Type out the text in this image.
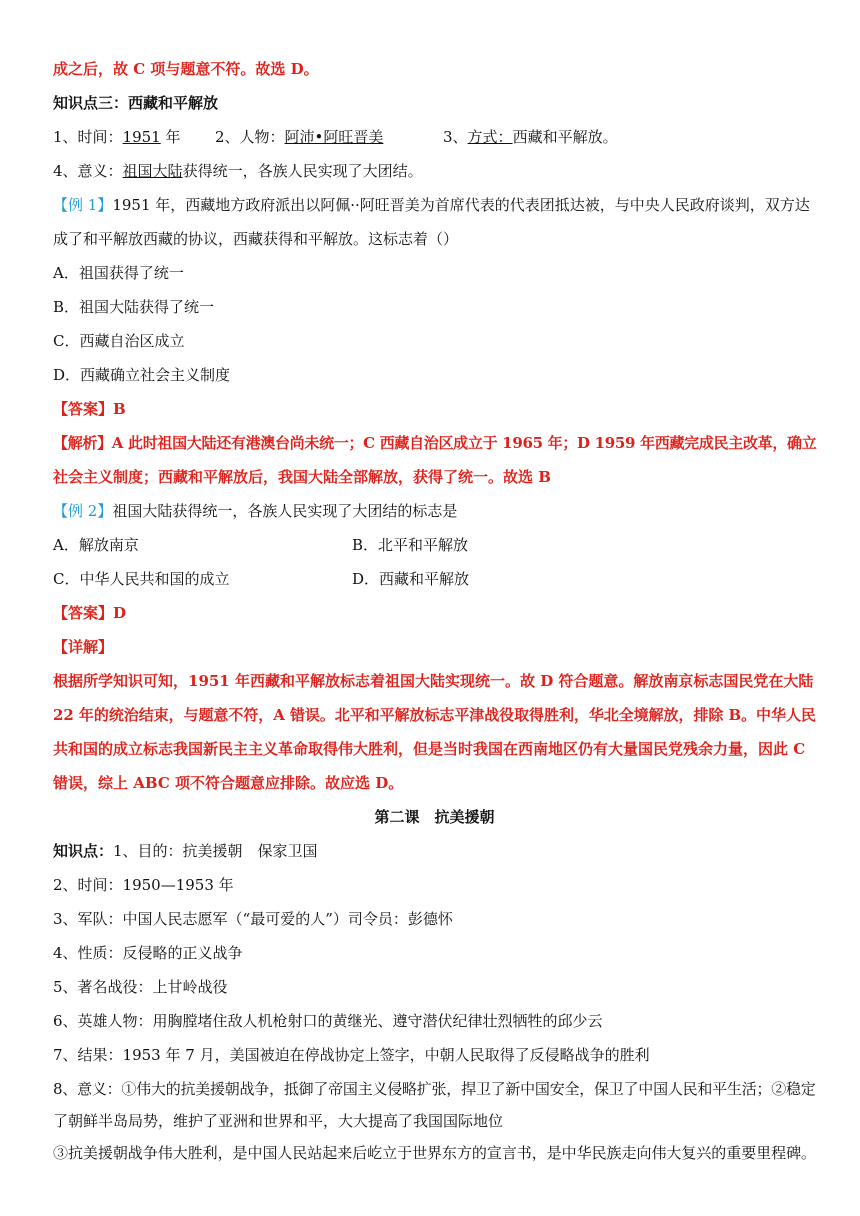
成之后，故 C 项与题意不符。故选 D。
知识点三：西藏和平解放
1、时间：1951 年 2、人物：阿沛•阿旺晋美	3、方式：西藏和平解放。
4、意义：祖国大陆获得统一，各族人民实现了大团结。
【例 1】1951 年，西藏地方政府派出以阿佩··阿旺晋美为首席代表的代表团抵达被，与中央人民政府谈判，双方达
成了和平解放西藏的协议，西藏获得和平解放。这标志着（）
A．祖国获得了统一
B．祖国大陆获得了统一
C．西藏自治区成立
D．西藏确立社会主义制度
【答案】B
【解析】A 此时祖国大陆还有港澳台尚未统一；C 西藏自治区成立于 1965 年；D 1959 年西藏完成民主改革，确立
社会主义制度；西藏和平解放后，我国大陆全部解放，获得了统一。故选 B
【例 2】祖国大陆获得统一，各族人民实现了大团结的标志是
A．解放南京	B．北平和平解放
C．中华人民共和国的成立	D．西藏和平解放
【答案】D
【详解】
根据所学知识可知，1951 年西藏和平解放标志着祖国大陆实现统一。故 D 符合题意。解放南京标志国民党在大陆
22 年的统治结束，与题意不符，A 错误。北平和平解放标志平津战役取得胜利，华北全境解放，排除 B。中华人民
共和国的成立标志我国新民主主义革命取得伟大胜利，但是当时我国在西南地区仍有大量国民党残余力量，因此 C
错误，综上 ABC 项不符合题意应排除。故应选 D。
第二课　抗美援朝
知识点：1、目的：抗美援朝　保家卫国
2、时间：1950—1953 年
3、军队：中国人民志愿军（“最可爱的人”）司令员：彭德怀
4、性质：反侵略的正义战争
5、著名战役：上甘岭战役
6、英雄人物：用胸膛堵住敌人机枪射口的黄继光、遵守潜伏纪律壮烈牺牲的邱少云
7、结果：1953 年 7 月，美国被迫在停战协定上签字，中朝人民取得了反侵略战争的胜利
8、意义：①伟大的抗美援朝战争，抵御了帝国主义侵略扩张，捍卫了新中国安全，保卫了中国人民和平生活；②稳定
了朝鲜半岛局势，维护了亚洲和世界和平，大大提高了我国国际地位
③抗美援朝战争伟大胜利，是中国人民站起来后屹立于世界东方的宣言书，是中华民族走向伟大复兴的重要里程碑。
